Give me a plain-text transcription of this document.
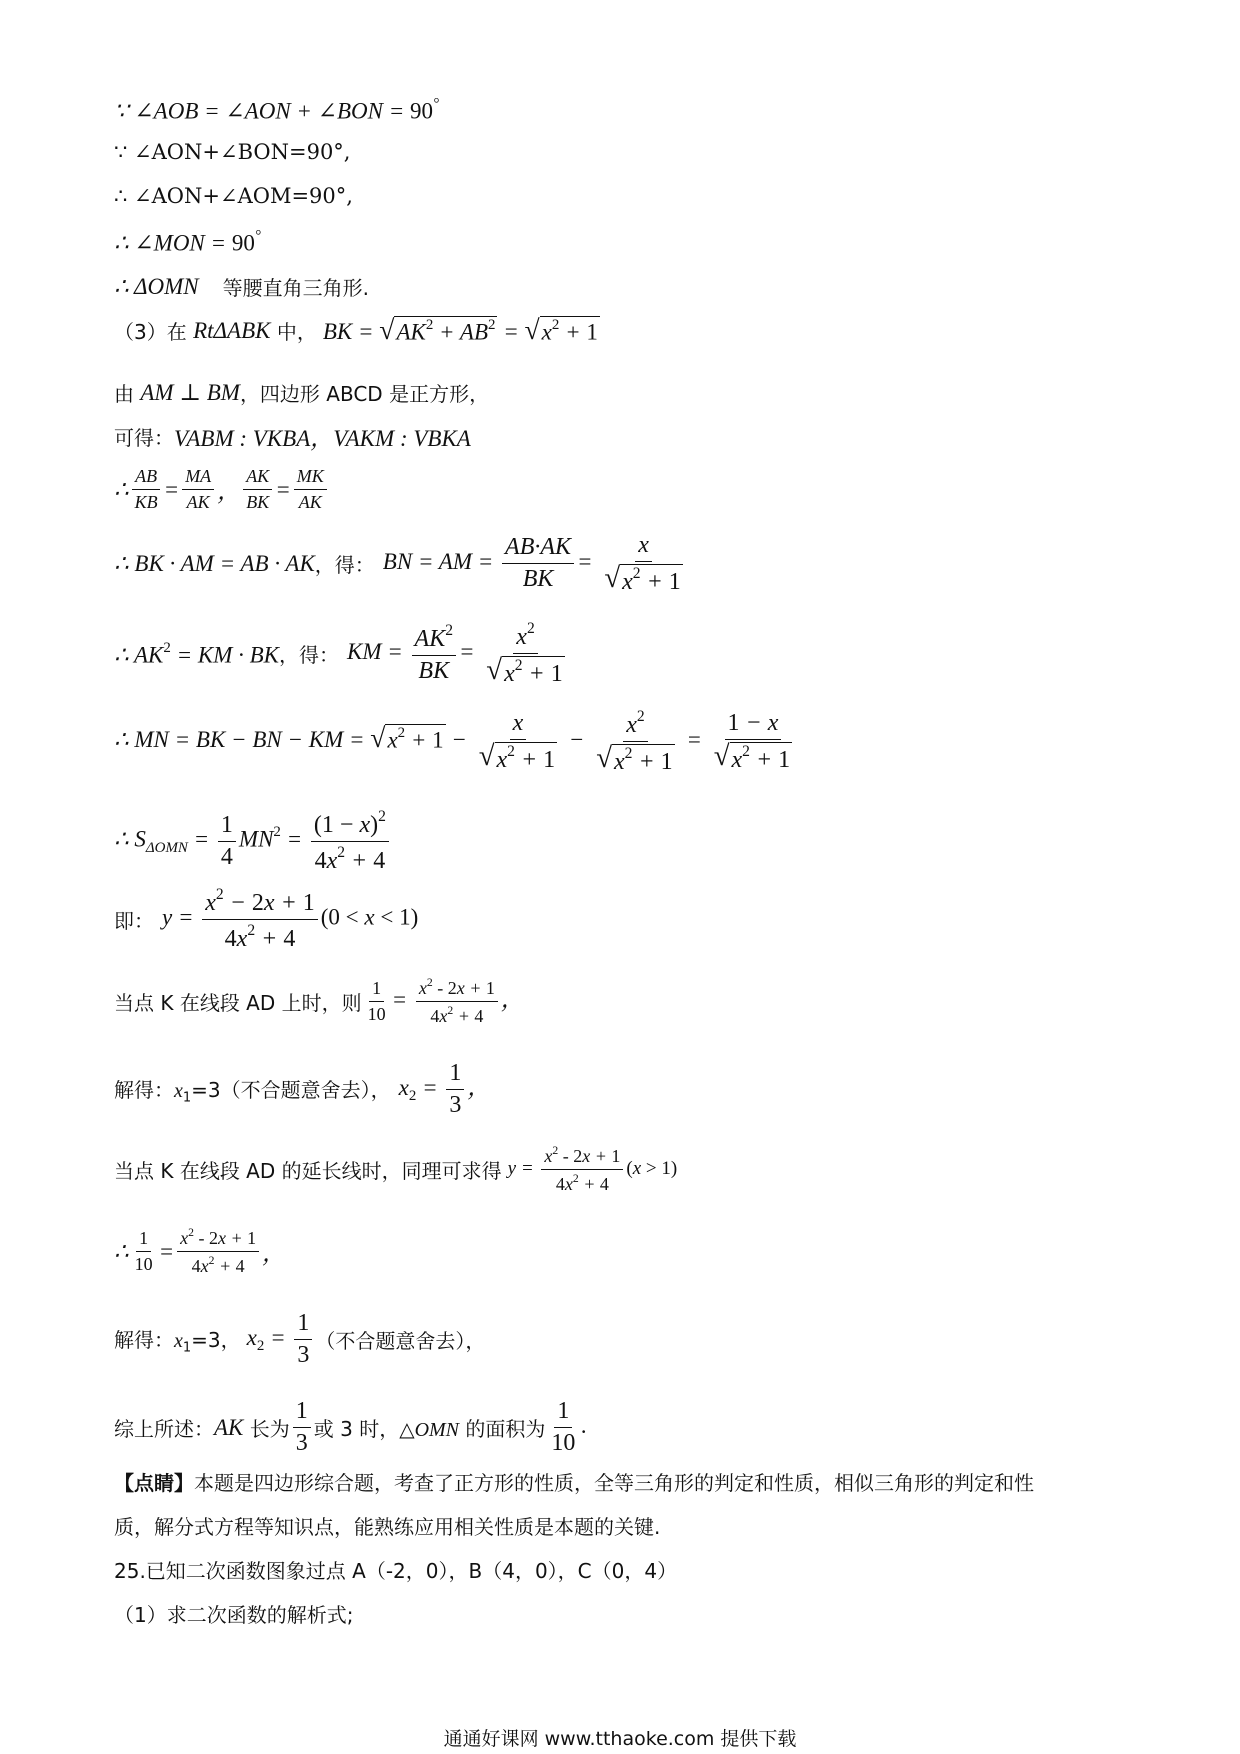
∵ ∠AOB = ∠AON + ∠BON = 90°
∵ ∠AON+∠BON=90°,
∴ ∠AON+∠AOM=90°,
∴ ∠MON = 90°
∴ ΔOMN 等腰直角三角形.
（3）在 RtΔABK 中， BK = √ $AK^2 + AB^2$ = √ $x^2 + 1$
由 AM ⊥ BM ，四边形 ABCD 是正方形，
可得： VABM : VKBA，VAKM : VBKA
∴ $\frac{AB}{KB} = \frac{MA}{AK}$ ， $\frac{AK}{BK} = \frac{MK}{AK}$
∴ BK · AM = AB · AK ，得： BN = AM = $\frac{AB\cdot AK}{BK} = \frac{x}{√ x^2 + 1}$
∴ $AK^2$ = KM · BK ，得： KM = $\frac{AK^2}{BK} = \frac{x^2}{√ x^2 + 1}$
∴ MN = BK − BN − KM = √ $x^2 + 1 - \frac{x}{√ x^2 + 1} - \frac{x^2}{√ x^2 + 1} = \frac{1 - x}{√ x^2 + 1}$
∴ $S_{\Delta OMN} = \frac{1}{4} MN^2 = \frac{(1 - x)^2}{4x^2 + 4}$
即： $y = \frac{x^2 - 2x + 1}{4x^2 + 4} (0 < x < 1)$
当点 K 在线段 AD 上时，则 $\frac{1}{10} = \frac{x^2 - 2x + 1}{4x^2 + 4}$ ，
解得：$x_1=3$（不合题意舍去）， $x_2 = \frac{1}{3}$ ，
当点 K 在线段 AD 的延长线时，同理可求得 $y = \frac{x^2 - 2x + 1}{4x^2 + 4} (x > 1)$
∴ $\frac{1}{10} = \frac{x^2 - 2x + 1}{4x^2 + 4}$ ，
解得：$x_1=3$， $x_2 = \frac{1}{3}$ （不合题意舍去），
综上所述： AK 长为 $\frac{1}{3}$ 或 3 时，△OMN 的面积为 $\frac{1}{10}$ .
【点睛】 本题是四边形综合题，考查了正方形的性质，全等三角形的判定和性质，相似三角形的判定和性
质，解分式方程等知识点，能熟练应用相关性质是本题的关键.
25.已知二次函数图象过点 A（-2，0），B（4，0），C（0，4）
（1）求二次函数的解析式;
通通好课网 www.tthaoke.com 提供下载
